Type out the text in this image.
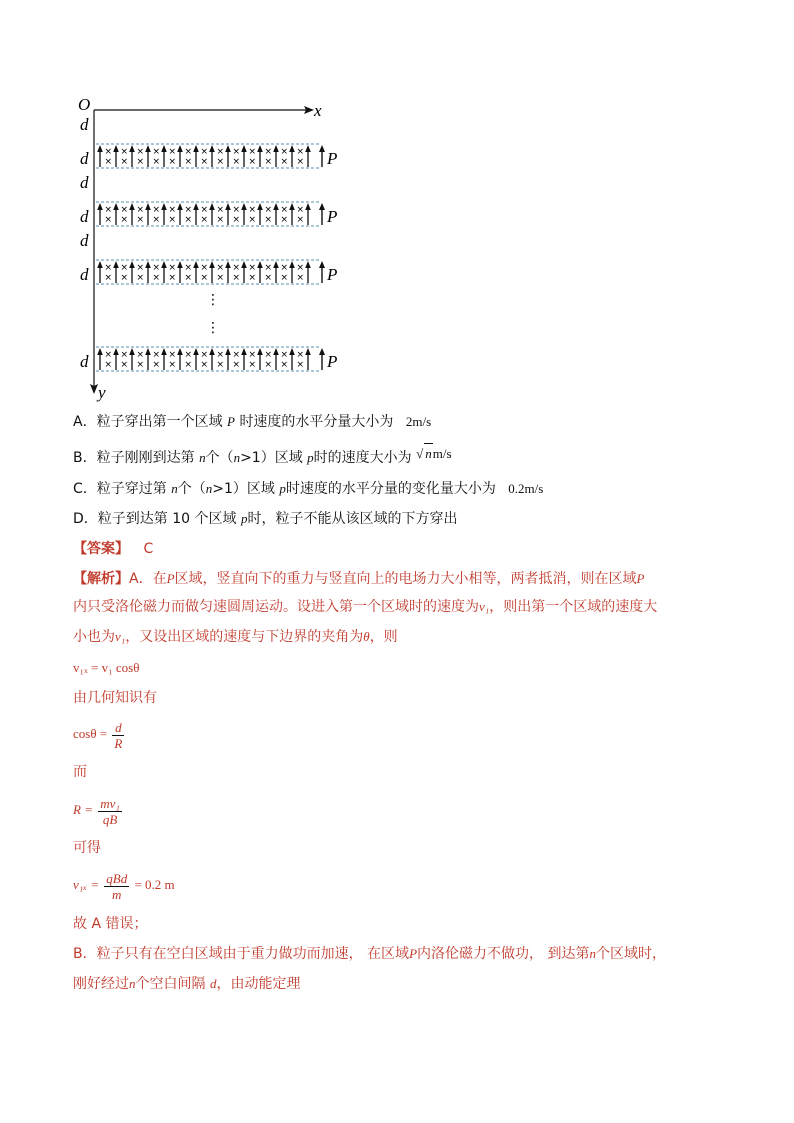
O	x
y
d
d ×
×
×
×
×
×
×
×
×
×
×
×
×
×
×
×
×
×
×
×
×
×
×
×
×
× P
d
d ×
×
×
×
×
×
×
×
×
×
×
×
×
×
×
×
×
×
×
×
×
×
×
×
×
× P
d
d ×
×
×
×
×
×
×
×
×
×
×
×
×
×
×
×
×
×
×
×
×
×
×
×
×
× P
d ×
×
×
×
×
×
×
×
×
×
×
×
×
×
×
×
×
×
×
×
×
×
×
×
×
× P
⋮
⋮
A．粒子穿出第一个区域 P 时速度的水平分量大小为 2m/s
B．粒子刚刚到达第 n个（n>1）区域 p时的速度大小为 √ nm/s
C．粒子穿过第 n个（n>1）区域 p时速度的水平分量的变化量大小为 0.2m/s
D．粒子到达第 10 个区域 p时，粒子不能从该区域的下方穿出
【答案】 C
【解析】A．在P区域，竖直向下的重力与竖直向上的电场力大小相等，两者抵消，则在区域P
内只受洛伦磁力而做匀速圆周运动。设进入第一个区域时的速度为v₁，则出第一个区域的速度大
小也为v₁，又设出区域的速度与下边界的夹角为θ，则
v₁ₓ = v₁ cosθ
由几何知识有
$\cos\theta = \frac{d}{R}$
而
$R = \frac{\text{mv₁}}{qB}$
可得
$v_{1x} = \frac{\text{qBd}}{m} = 0.2$ m
故 A 错误；
B．粒子只有在空白区域由于重力做功而加速， 在区域P内洛伦磁力不做功， 到达第n个区域时，
刚好经过n个空白间隔 d，由动能定理
